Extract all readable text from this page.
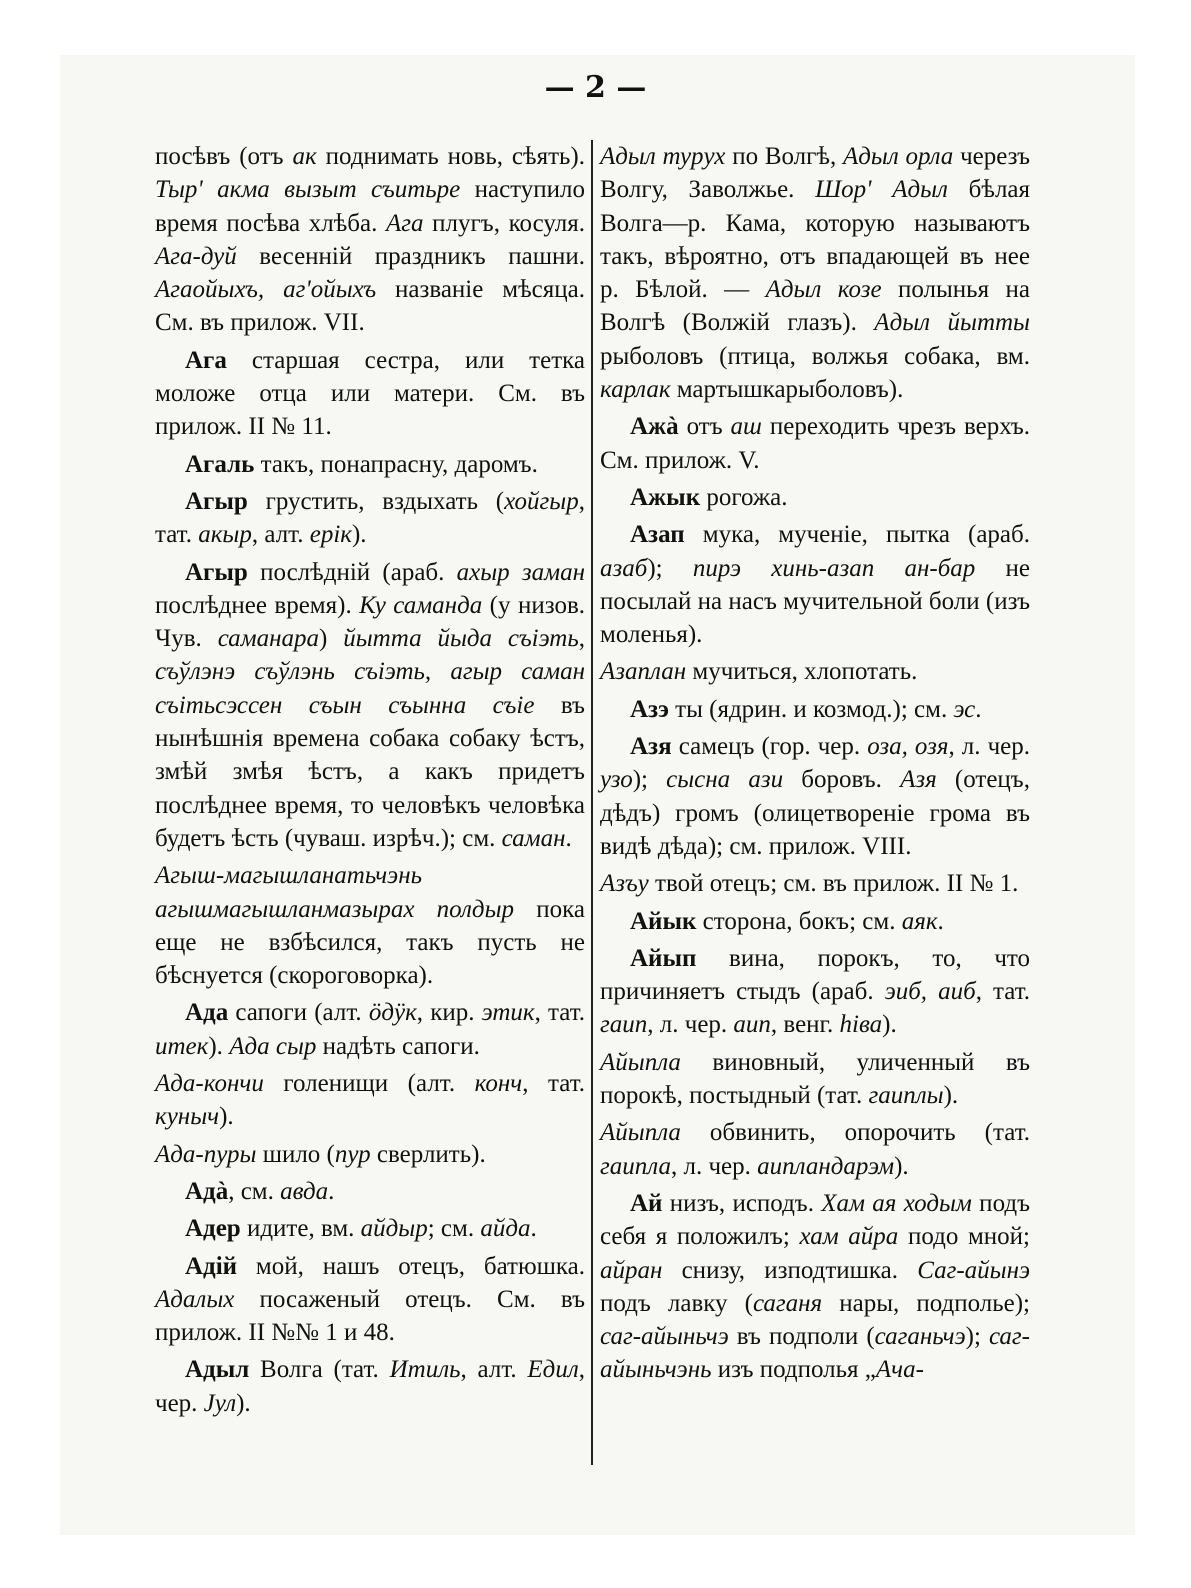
— 2 —

посѣвъ (отъ ак поднимать новь, сѣять). Тыр' акма вызыт съитьре наступило время посѣва хлѣба. Ага плугъ, косуля. Ага-дуй весенній праздникъ пашни. Агаойыхъ, аг'ойыхъ названіе мѣсяца. См. въ прилож. VII.

Ага старшая сестра, или тетка моложе отца или матери. См. въ прилож. II № 11.

Агаль такъ, понапрасну, даромъ.

Агыр грустить, вздыхать (хойгыр, тат. акыр, алт. ерік).

Агыр послѣдній (араб. ахыр заман послѣднее время). Ку саманда (у низов. Чув. саманара) йытта йыда съiэть, съўлэнэ съўлэнь съiэть, агыр саман съiтьсэссен съын съынна съiе въ нынѣшнія времена собака собаку ѣстъ, змѣй змѣя ѣстъ, а какъ придетъ послѣднее время, то человѣкъ человѣка будетъ ѣсть (чуваш. изрѣч.); см. саман.

Агыш-магышланатьчэнь агышмагышланмазырах полдыр пока еще не взбѣсился, такъ пусть не бѣснуется (скороговорка).

Ада сапоги (алт. ӧдӱк, кир. этик, тат. итек). Ада сыр надѣть сапоги.

Ада-кончи голенищи (алт. конч, тат. куныч).

Ада-пуры шило (пур сверлить).

Адà, см. авда.

Адер идите, вм. айдыр; см. айда.

Адій мой, нашъ отецъ, батюшка. Адалых посаженый отецъ. См. въ прилож. II №№ 1 и 48.

Адыл Волга (тат. Итиль, алт. Едил, чер. Јул).

Адыл туpух по Волгѣ, Адыл орла черезъ Волгу, Заволжье. Шор' Адыл бѣлая Волга—р. Кама, которую называютъ такъ, вѣроятно, отъ впадающей въ нее р. Бѣлой. — Адыл козе полынья на Волгѣ (Волжій глазъ). Адыл йытты рыболовъ (птица, волжья собака, вм. карлак мартышкарыболовъ).

Ажà отъ аш переходить чрезъ верхъ. См. прилож. V.

Ажык рогожа.

Азап мука, мученіе, пытка (араб. азаб); пирэ хинь-азап ан-бар не посылай на насъ мучительной боли (изъ моленья).

Азаплан мучиться, хлопотать.

Азэ ты (ядрин. и козмод.); см. эс.

Азя самецъ (гор. чер. оза, озя, л. чер. узо); сысна ази боровъ. Азя (отецъ, дѣдъ) громъ (олицетвореніе грома въ видѣ дѣда); см. прилож. VIII.

Азъу твой отецъ; см. въ прилож. II № 1.

Айык сторона, бокъ; см. аяк.

Айып вина, порокъ, то, что причиняетъ стыдъ (араб. эиб, аиб, тат. гаип, л. чер. аип, венг. hiва).

Айыпла виновный, уличенный въ порокѣ, постыдный (тат. гаиплы).

Айыпла обвинить, опорочить (тат. гаипла, л. чер. аипландарэм).

Ай низъ, исподъ. Хам ая ходым подъ себя я положилъ; хам айра подо мной; айран снизу, изподтишка. Саг-айынэ подъ лавку (саганя нары, подполье); саг-айыньчэ въ подполи (саганьчэ); саг-айыньчэнь изъ подполья „Ача-
